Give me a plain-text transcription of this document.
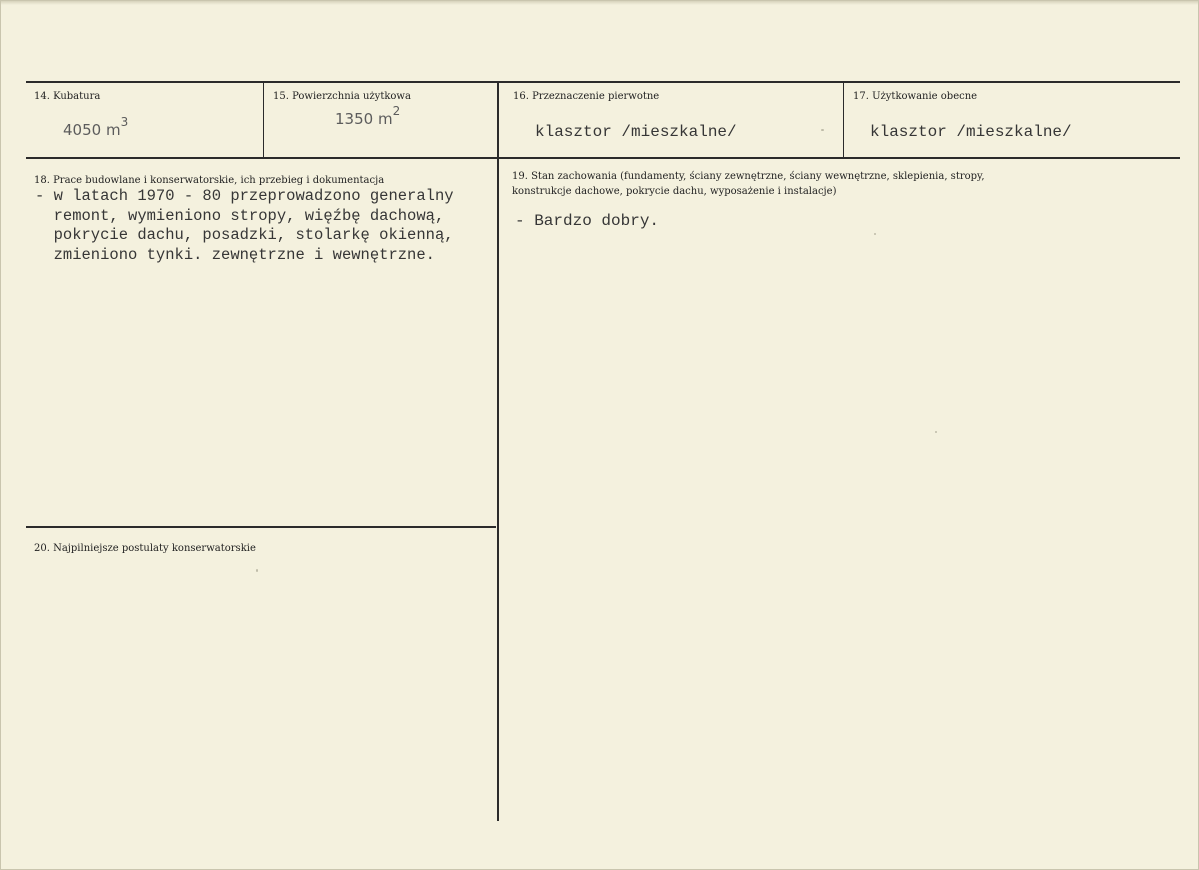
14. Kubatura
4050 $m^3$
15. Powierzchnia użytkowa
1350 $m^2$
16. Przeznaczenie pierwotne
klasztor /mieszkalne/
17. Użytkowanie obecne
klasztor /mieszkalne/
18. Prace budowlane i konserwatorskie, ich przebieg i dokumentacja
- w latach 1970 - 80 przeprowadzono generalny
remont, wymieniono stropy, więźbę dachową,
pokrycie dachu, posadzki, stolarkę okienną,
zmieniono tynki. zewnętrzne i wewnętrzne.
19. Stan zachowania (fundamenty, ściany zewnętrzne, ściany wewnętrzne, sklepienia, stropy,
konstrukcje dachowe, pokrycie dachu, wyposażenie i instalacje)
- Bardzo dobry.
20. Najpilniejsze postulaty konserwatorskie
